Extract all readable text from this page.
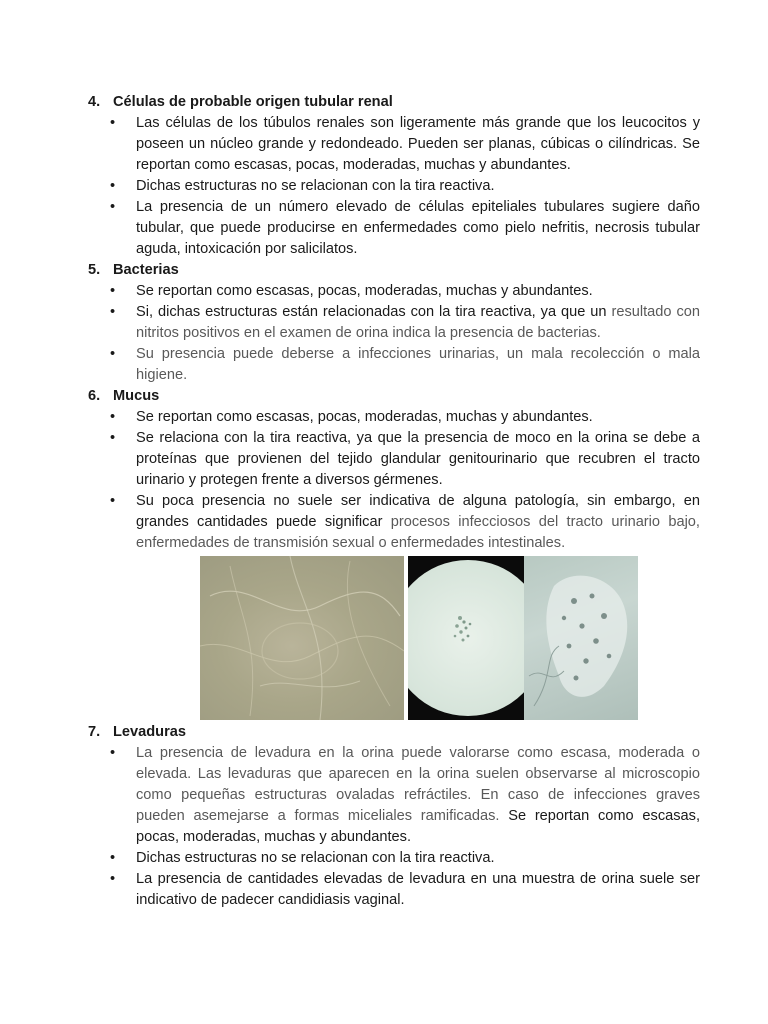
4. Células de probable origen tubular renal
• Las células de los túbulos renales son ligeramente más grande que los leucocitos y poseen un núcleo grande y redondeado. Pueden ser planas, cúbicas o cilíndricas. Se reportan como escasas, pocas, moderadas, muchas y abundantes.
• Dichas estructuras no se relacionan con la tira reactiva.
• La presencia de un número elevado de células epiteliales tubulares sugiere daño tubular, que puede producirse en enfermedades como pielo nefritis, necrosis tubular aguda, intoxicación por salicilatos.
5. Bacterias
• Se reportan como escasas, pocas, moderadas, muchas y abundantes.
• Si, dichas estructuras están relacionadas con la tira reactiva, ya que un resultado con nitritos positivos en el examen de orina indica la presencia de bacterias.
• Su presencia puede deberse a infecciones urinarias, un mala recolección o mala higiene.
6. Mucus
• Se reportan como escasas, pocas, moderadas, muchas y abundantes.
• Se relaciona con la tira reactiva, ya que la presencia de moco en la orina se debe a proteínas que provienen del tejido glandular genitourinario que recubren el tracto urinario y protegen frente a diversos gérmenes.
• Su poca presencia no suele ser indicativa de alguna patología, sin embargo, en grandes cantidades puede significar procesos infecciosos del tracto urinario bajo, enfermedades de transmisión sexual o enfermedades intestinales.
7. Levaduras
• La presencia de levadura en la orina puede valorarse como escasa, moderada o elevada. Las levaduras que aparecen en la orina suelen observarse al microscopio como pequeñas estructuras ovaladas refráctiles. En caso de infecciones graves pueden asemejarse a formas miceliales ramificadas. Se reportan como escasas, pocas, moderadas, muchas y abundantes.
• Dichas estructuras no se relacionan con la tira reactiva.
• La presencia de cantidades elevadas de levadura en una muestra de orina suele ser indicativo de padecer candidiasis vaginal.
